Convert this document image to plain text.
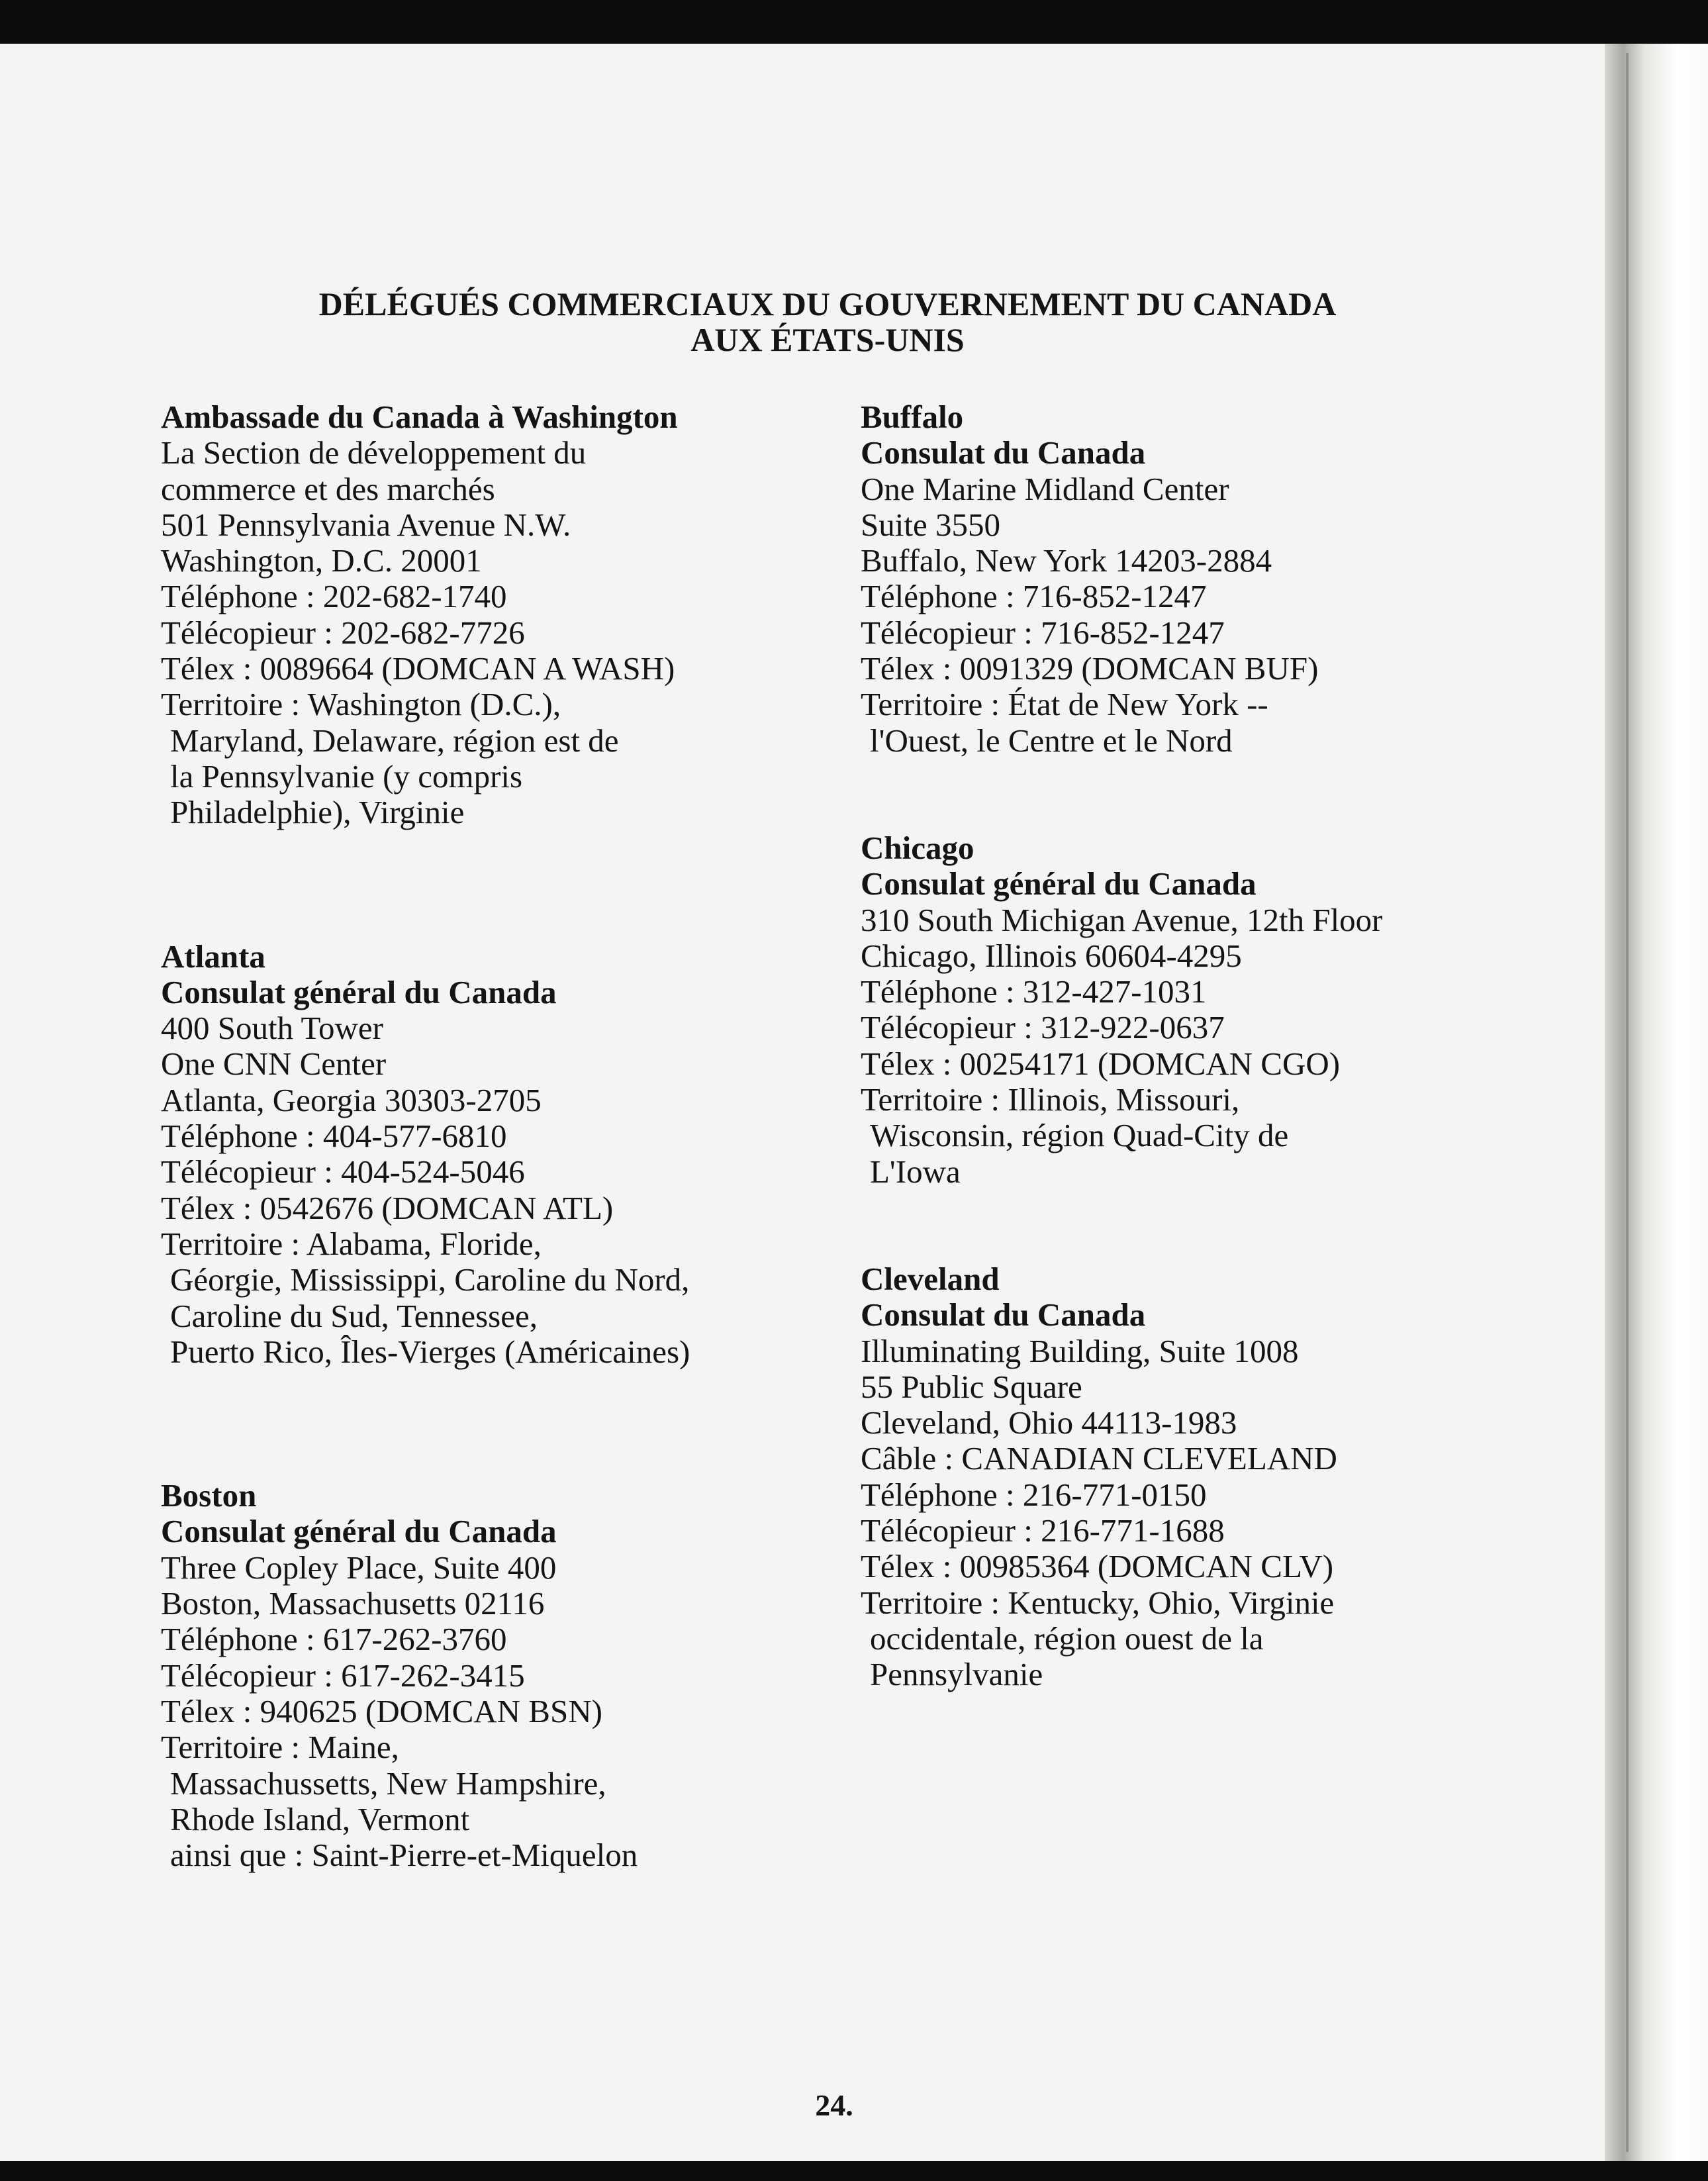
DÉLÉGUÉS COMMERCIAUX DU GOUVERNEMENT DU CANADA
AUX ÉTATS-UNIS
Ambassade du Canada à Washington
La Section de développement du
commerce et des marchés
501 Pennsylvania Avenue N.W.
Washington, D.C. 20001
Téléphone : 202-682-1740
Télécopieur : 202-682-7726
Télex : 0089664 (DOMCAN A WASH)
Territoire : Washington (D.C.),
Maryland, Delaware, région est de
la Pennsylvanie (y compris
Philadelphie), Virginie
Atlanta
Consulat général du Canada
400 South Tower
One CNN Center
Atlanta, Georgia 30303-2705
Téléphone : 404-577-6810
Télécopieur : 404-524-5046
Télex : 0542676 (DOMCAN ATL)
Territoire : Alabama, Floride,
Géorgie, Mississippi, Caroline du Nord,
Caroline du Sud, Tennessee,
Puerto Rico, Îles-Vierges (Américaines)
Boston
Consulat général du Canada
Three Copley Place, Suite 400
Boston, Massachusetts 02116
Téléphone : 617-262-3760
Télécopieur : 617-262-3415
Télex : 940625 (DOMCAN BSN)
Territoire : Maine,
Massachussetts, New Hampshire,
Rhode Island, Vermont
ainsi que : Saint-Pierre-et-Miquelon
Buffalo
Consulat du Canada
One Marine Midland Center
Suite 3550
Buffalo, New York 14203-2884
Téléphone : 716-852-1247
Télécopieur : 716-852-1247
Télex : 0091329 (DOMCAN BUF)
Territoire : État de New York --
l'Ouest, le Centre et le Nord
Chicago
Consulat général du Canada
310 South Michigan Avenue, 12th Floor
Chicago, Illinois 60604-4295
Téléphone : 312-427-1031
Télécopieur : 312-922-0637
Télex : 00254171 (DOMCAN CGO)
Territoire : Illinois, Missouri,
Wisconsin, région Quad-City de
L'Iowa
Cleveland
Consulat du Canada
Illuminating Building, Suite 1008
55 Public Square
Cleveland, Ohio 44113-1983
Câble : CANADIAN CLEVELAND
Téléphone : 216-771-0150
Télécopieur : 216-771-1688
Télex : 00985364 (DOMCAN CLV)
Territoire : Kentucky, Ohio, Virginie
occidentale, région ouest de la
Pennsylvanie
24.
